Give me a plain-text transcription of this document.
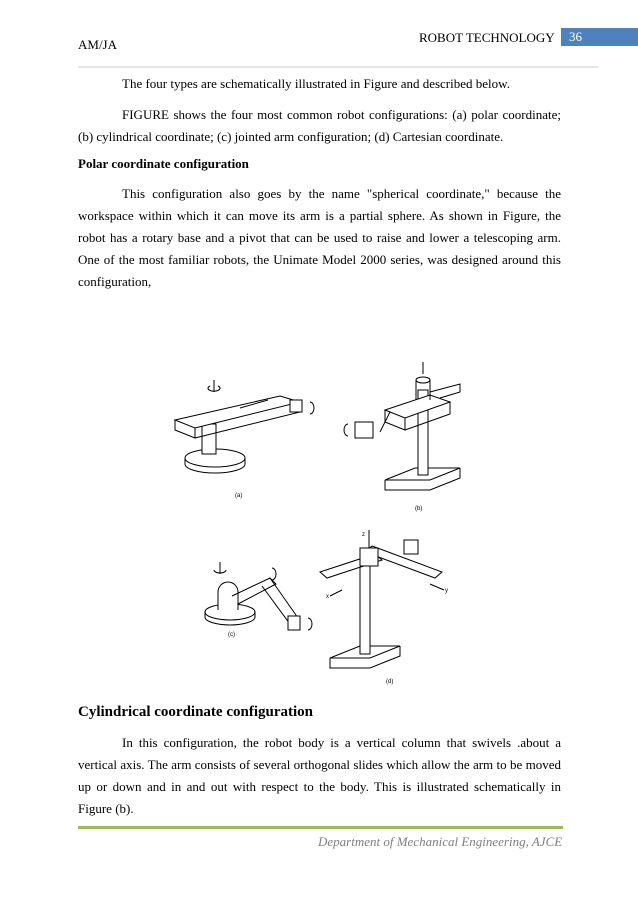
AM/JA	ROBOT TECHNOLOGY	36

The four types are schematically illustrated in Figure and described below.

FIGURE shows the four most common robot configurations: (a) polar coordinate; (b) cylindrical coordinate; (c) jointed arm configuration; (d) Cartesian coordinate.

Polar coordinate configuration

This configuration also goes by the name "spherical coordinate," because the workspace within which it can move its arm is a partial sphere. As shown in Figure, the robot has a rotary base and a pivot that can be used to raise and lower a telescoping arm. One of the most familiar robots, the Unimate Model 2000 series, was designed around this configuration,

(a)
(b)
(c)
(d)
z
x
y

Cylindrical coordinate configuration

In this configuration, the robot body is a vertical column that swivels .about a vertical axis. The arm consists of several orthogonal slides which allow the arm to be moved up or down and in and out with respect to the body. This is illustrated schematically in Figure (b).

Department of Mechanical Engineering, AJCE
